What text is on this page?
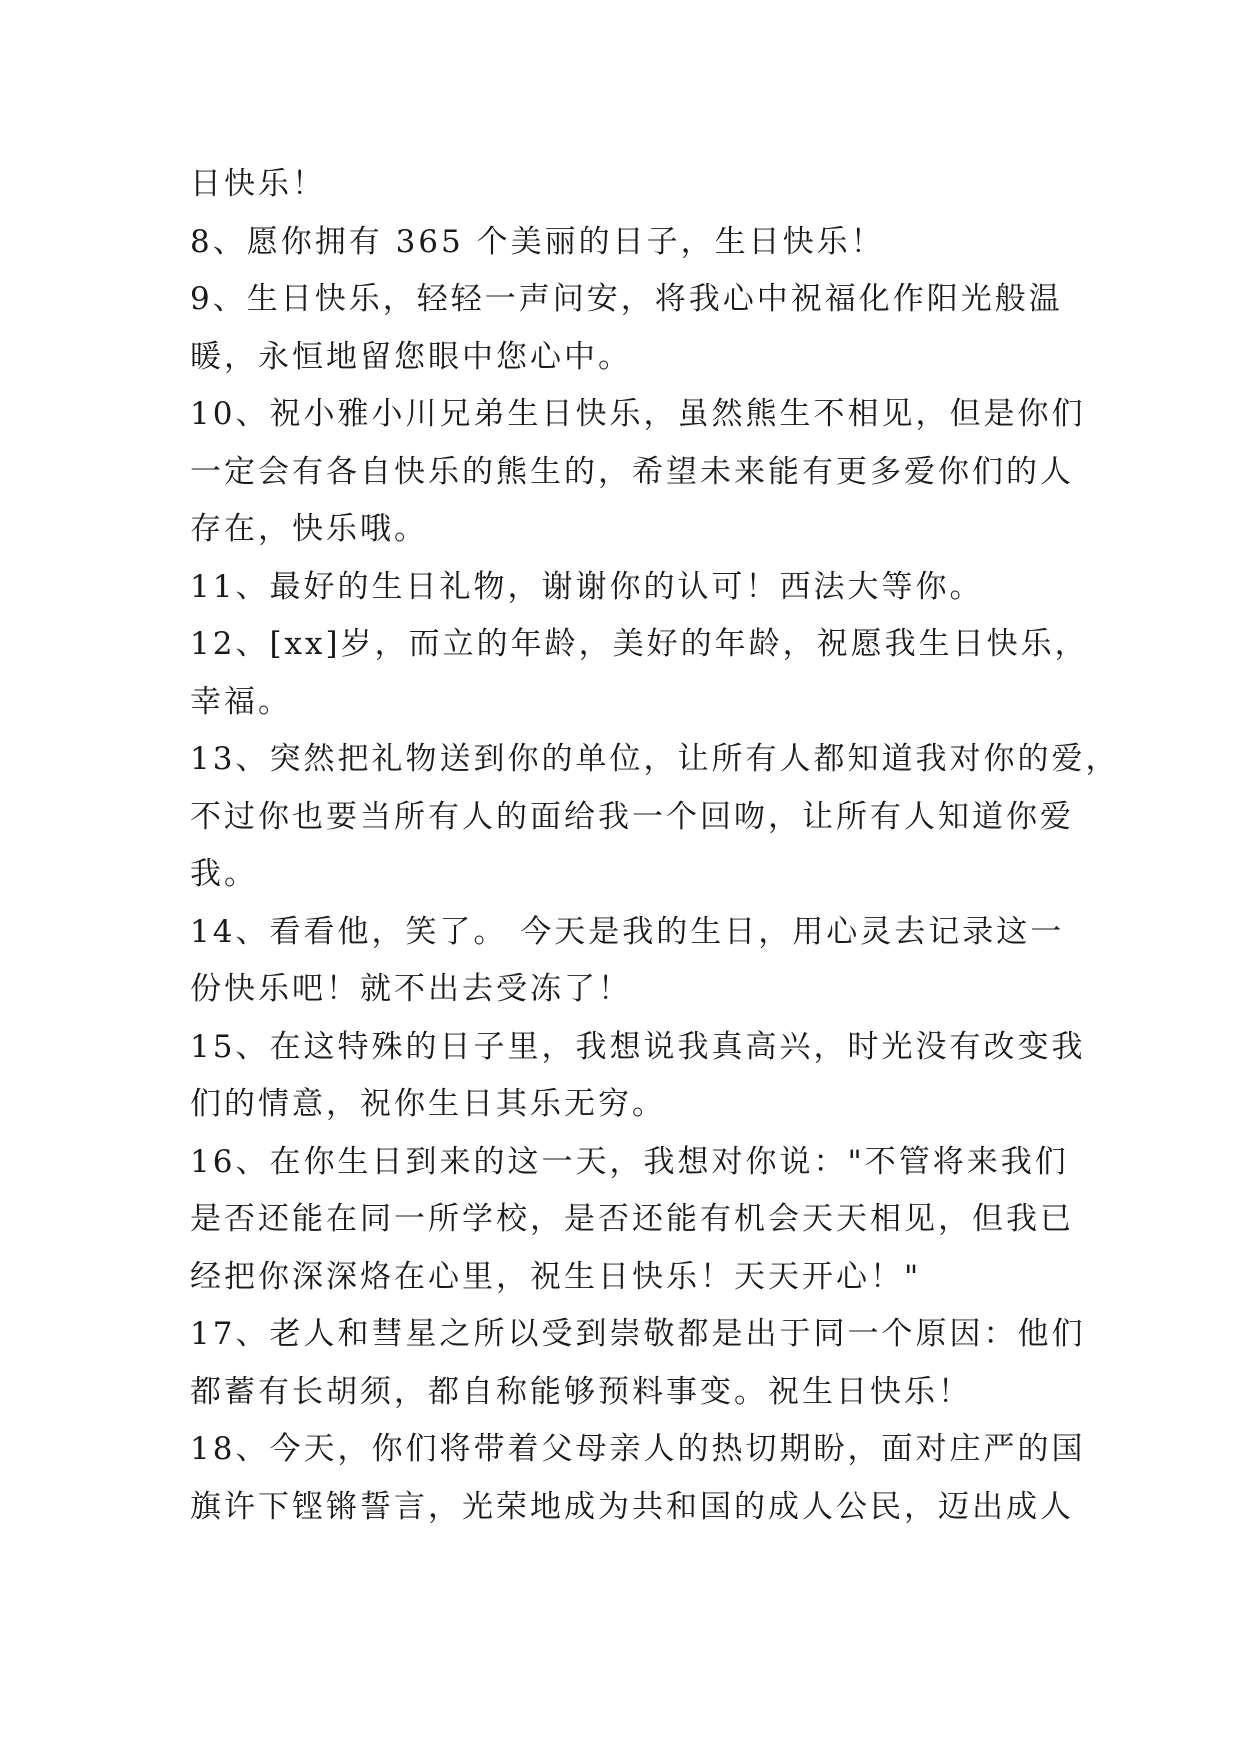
日快乐！
8、愿你拥有 365 个美丽的日子，生日快乐！
9、生日快乐，轻轻一声问安，将我心中祝福化作阳光般温
暖，永恒地留您眼中您心中。
10、祝小雅小川兄弟生日快乐，虽然熊生不相见，但是你们
一定会有各自快乐的熊生的，希望未来能有更多爱你们的人
存在，快乐哦。
11、最好的生日礼物，谢谢你的认可！西法大等你。
12、[xx]岁，而立的年龄，美好的年龄，祝愿我生日快乐，
幸福。
13、突然把礼物送到你的单位，让所有人都知道我对你的爱，
不过你也要当所有人的面给我一个回吻，让所有人知道你爱
我。
14、看看他，笑了。 今天是我的生日，用心灵去记录这一
份快乐吧！就不出去受冻了！
15、在这特殊的日子里，我想说我真高兴，时光没有改变我
们的情意，祝你生日其乐无穷。
16、在你生日到来的这一天，我想对你说："不管将来我们
是否还能在同一所学校，是否还能有机会天天相见，但我已
经把你深深烙在心里，祝生日快乐！天天开心！"
17、老人和彗星之所以受到崇敬都是出于同一个原因：他们
都蓄有长胡须，都自称能够预料事变。祝生日快乐！
18、今天，你们将带着父母亲人的热切期盼，面对庄严的国
旗许下铿锵誓言，光荣地成为共和国的成人公民，迈出成人
